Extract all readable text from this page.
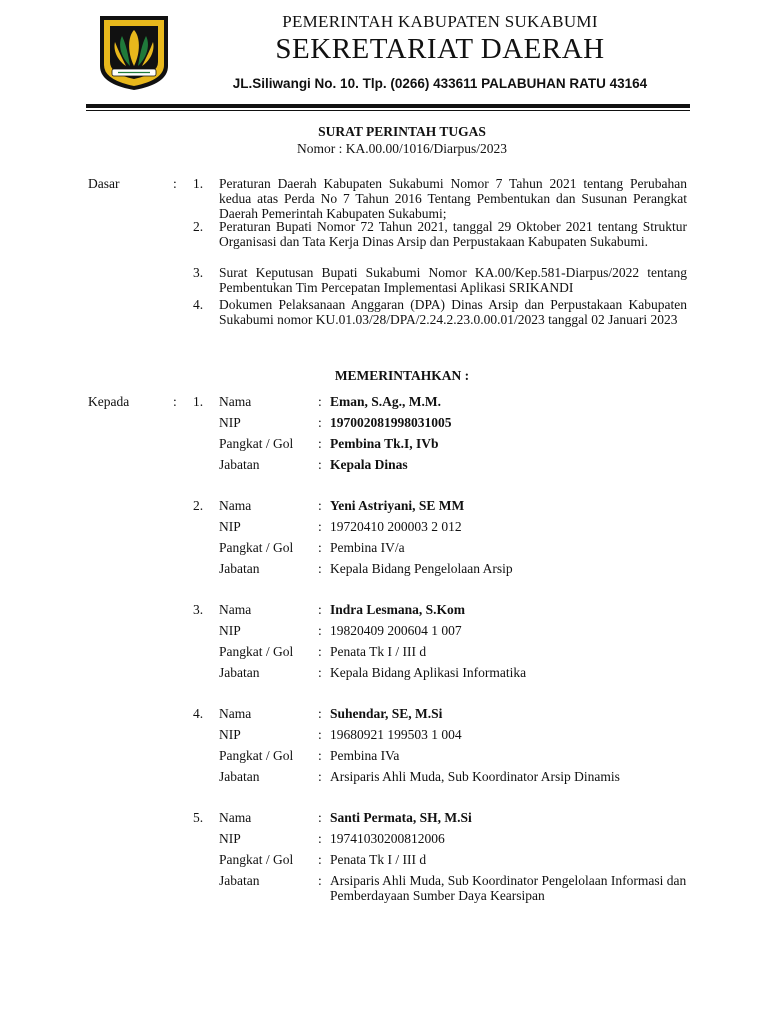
PEMERINTAH KABUPATEN SUKABUMI
SEKRETARIAT DAERAH
JL.Siliwangi No. 10. Tlp. (0266) 433611 PALABUHAN RATU 43164
SURAT PERINTAH TUGAS
Nomor : KA.00.00/1016/Diarpus/2023
Dasar	: 1. Peraturan Daerah Kabupaten Sukabumi Nomor 7 Tahun 2021 tentang Perubahan kedua atas Perda No 7 Tahun 2016 Tentang Pembentukan dan Susunan Perangkat Daerah Pemerintah Kabupaten Sukabumi;
2. Peraturan Bupati Nomor 72 Tahun 2021, tanggal 29 Oktober 2021 tentang Struktur Organisasi dan Tata Kerja Dinas Arsip dan Perpustakaan Kabupaten Sukabumi.
3. Surat Keputusan Bupati Sukabumi Nomor KA.00/Kep.581-Diarpus/2022 tentang Pembentukan Tim Percepatan Implementasi Aplikasi SRIKANDI
4. Dokumen Pelaksanaan Anggaran (DPA) Dinas Arsip dan Perpustakaan Kabupaten Sukabumi nomor KU.01.03/28/DPA/2.24.2.23.0.00.01/2023 tanggal 02 Januari 2023
MEMERINTAHKAN :
Kepada	: 1. Nama	: Eman, S.Ag., M.M.
NIP	: 197002081998031005
Pangkat / Gol : Pembina Tk.I, IVb
Jabatan	: Kepala Dinas
2. Nama	: Yeni Astriyani, SE MM
NIP	: 19720410 200003 2 012
Pangkat / Gol : Pembina IV/a
Jabatan	: Kepala Bidang Pengelolaan Arsip
3. Nama	: Indra Lesmana, S.Kom
NIP	: 19820409 200604 1 007
Pangkat / Gol : Penata Tk I / III d
Jabatan	: Kepala Bidang Aplikasi Informatika
4. Nama	: Suhendar, SE, M.Si
NIP	: 19680921 199503 1 004
Pangkat / Gol : Pembina IVa
Jabatan	: Arsiparis Ahli Muda, Sub Koordinator Arsip Dinamis
5. Nama	: Santi Permata, SH, M.Si
NIP	: 19741030200812006
Pangkat / Gol : Penata Tk I / III d
Jabatan	: Arsiparis Ahli Muda, Sub Koordinator Pengelolaan Informasi dan Pemberdayaan Sumber Daya Kearsipan
